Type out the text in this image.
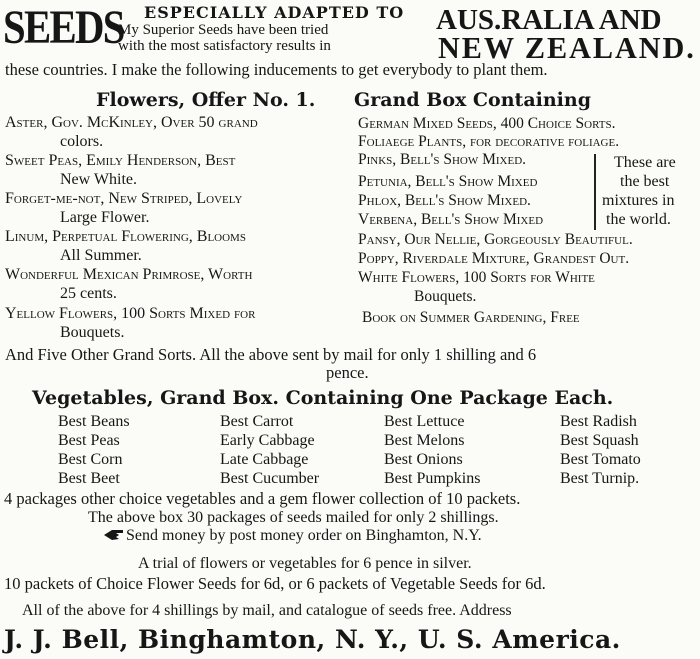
SEEDS ESPECIALLY ADAPTED TO
My Superior Seeds have been tried
with the most satisfactory results in
AUS.RALIA AND
NEW ZEALAND.
these countries. I make the following inducements to get everybody to plant them.
Flowers, Offer No. 1.
Aster, Gov. McKinley, Over 50 grand
colors.
Sweet Peas, Emily Henderson, Best
New White.
Forget-me-not, New Striped, Lovely
Large Flower.
Linum, Perpetual Flowering, Blooms
All Summer.
Wonderful Mexican Primrose, Worth
25 cents.
Yellow Flowers, 100 Sorts Mixed for
Bouquets.
Grand Box Containing
German Mixed Seeds, 400 Choice Sorts.
Foliaege Plants, for decorative foliage.
Pinks, Bell's Show Mixed.
Petunia, Bell's Show Mixed
Phlox, Bell's Show Mixed.
Verbena, Bell's Show Mixed
Pansy, Our Nellie, Gorgeously Beautiful.
Poppy, Riverdale Mixture, Grandest Out.
White Flowers, 100 Sorts for White
Bouquets.
Book on Summer Gardening, Free
These are
the best
mixtures in
the world.
And Five Other Grand Sorts. All the above sent by mail for only 1 shilling and 6
pence.
Vegetables, Grand Box. Containing One Package Each.
Best Beans
Best Peas
Best Corn
Best Beet
Best Carrot
Early Cabbage
Late Cabbage
Best Cucumber
Best Lettuce
Best Melons
Best Onions
Best Pumpkins
Best Radish
Best Squash
Best Tomato
Best Turnip.
4 packages other choice vegetables and a gem flower collection of 10 packets.
The above box 30 packages of seeds mailed for only 2 shillings.
Send money by post money order on Binghamton, N.Y.
A trial of flowers or vegetables for 6 pence in silver.
10 packets of Choice Flower Seeds for 6d, or 6 packets of Vegetable Seeds for 6d.
All of the above for 4 shillings by mail, and catalogue of seeds free. Address
J. J. Bell, Binghamton, N. Y., U. S. America.
